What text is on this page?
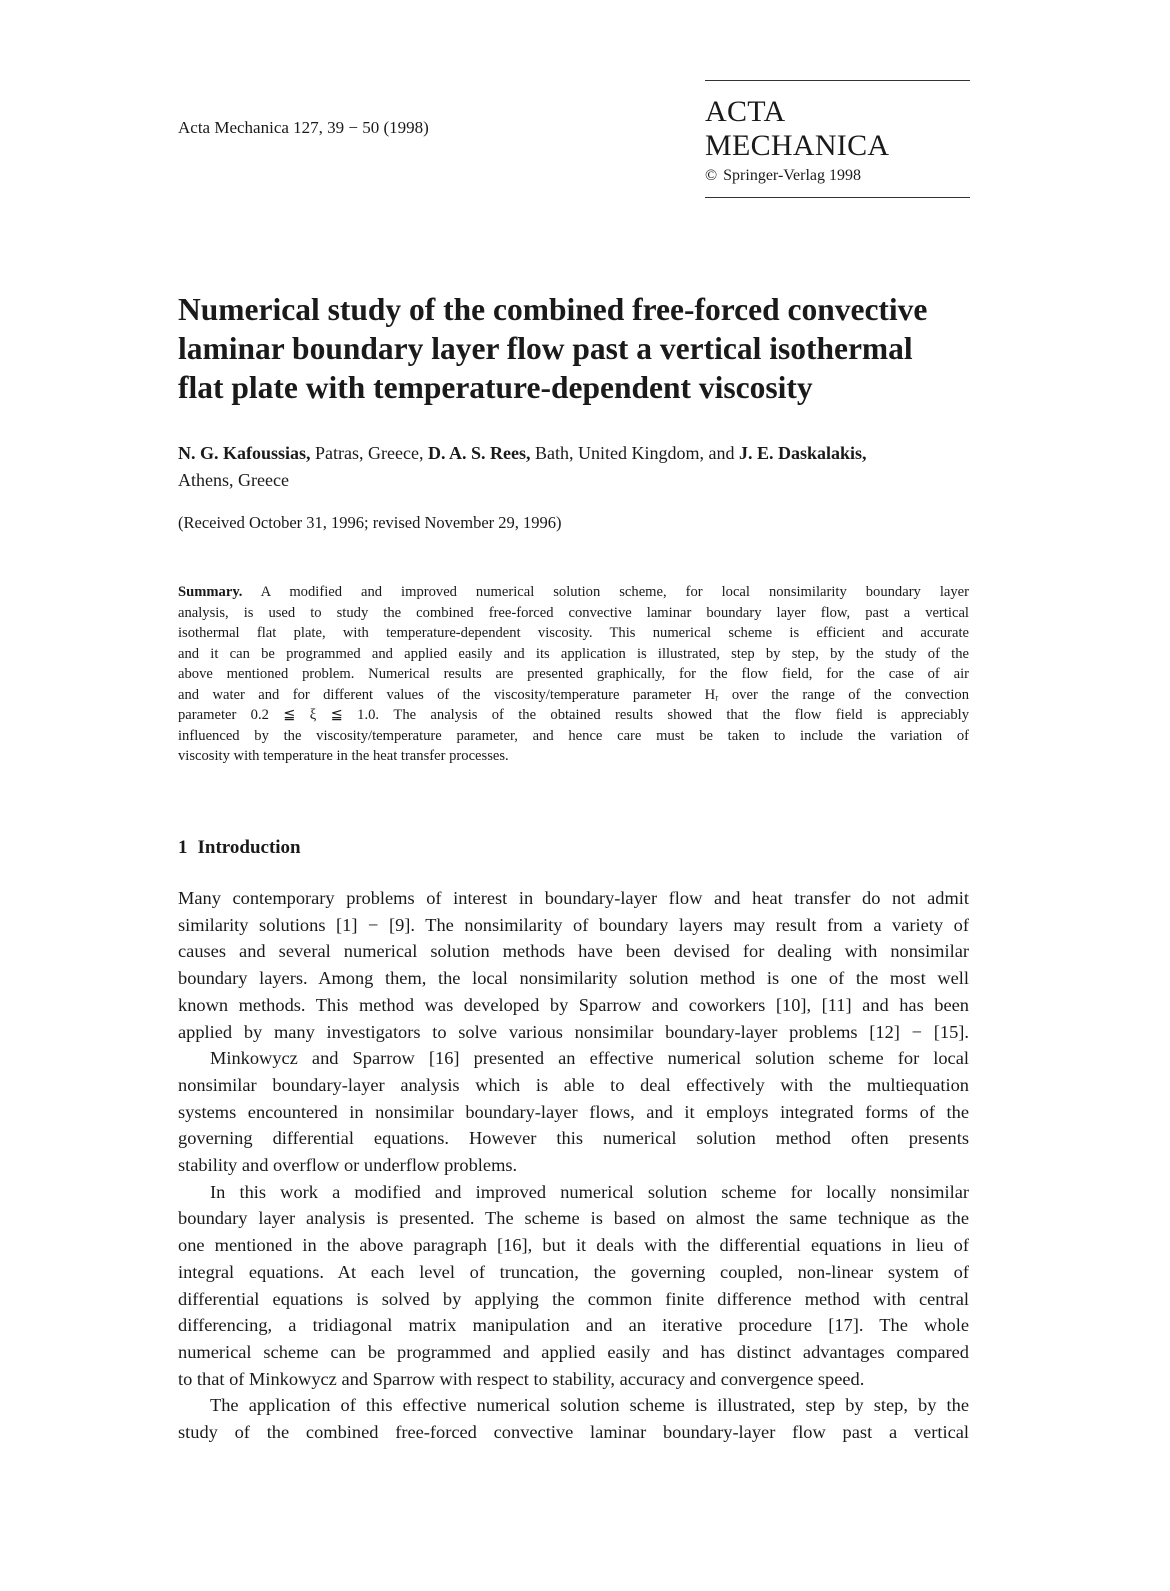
Acta Mechanica 127, 39 − 50 (1998)	ACTA MECHANICA
© Springer-Verlag 1998
Numerical study of the combined free-forced convective
laminar boundary layer flow past a vertical isothermal
flat plate with temperature-dependent viscosity
N. G. Kafoussias, Patras, Greece, D. A. S. Rees, Bath, United Kingdom, and J. E. Daskalakis,
Athens, Greece
(Received October 31, 1996; revised November 29, 1996)
Summary. A modified and improved numerical solution scheme, for local nonsimilarity boundary layer
analysis, is used to study the combined free-forced convective laminar boundary layer flow, past a vertical
isothermal flat plate, with temperature-dependent viscosity. This numerical scheme is efficient and accurate
and it can be programmed and applied easily and its application is illustrated, step by step, by the study of the
above mentioned problem. Numerical results are presented graphically, for the flow field, for the case of air
and water and for different values of the viscosity/temperature parameter Hᵣ over the range of the convection
parameter 0.2 ≦ ξ ≦ 1.0. The analysis of the obtained results showed that the flow field is appreciably
influenced by the viscosity/temperature parameter, and hence care must be taken to include the variation of
viscosity with temperature in the heat transfer processes.
1 Introduction
Many contemporary problems of interest in boundary-layer flow and heat transfer do not admit
similarity solutions [1] − [9]. The nonsimilarity of boundary layers may result from a variety of
causes and several numerical solution methods have been devised for dealing with nonsimilar
boundary layers. Among them, the local nonsimilarity solution method is one of the most well
known methods. This method was developed by Sparrow and coworkers [10], [11] and has been
applied by many investigators to solve various nonsimilar boundary-layer problems [12] − [15].
Minkowycz and Sparrow [16] presented an effective numerical solution scheme for local
nonsimilar boundary-layer analysis which is able to deal effectively with the multiequation
systems encountered in nonsimilar boundary-layer flows, and it employs integrated forms of the
governing differential equations. However this numerical solution method often presents
stability and overflow or underflow problems.
In this work a modified and improved numerical solution scheme for locally nonsimilar
boundary layer analysis is presented. The scheme is based on almost the same technique as the
one mentioned in the above paragraph [16], but it deals with the differential equations in lieu of
integral equations. At each level of truncation, the governing coupled, non-linear system of
differential equations is solved by applying the common finite difference method with central
differencing, a tridiagonal matrix manipulation and an iterative procedure [17]. The whole
numerical scheme can be programmed and applied easily and has distinct advantages compared
to that of Minkowycz and Sparrow with respect to stability, accuracy and convergence speed.
The application of this effective numerical solution scheme is illustrated, step by step, by the
study of the combined free-forced convective laminar boundary-layer flow past a vertical
